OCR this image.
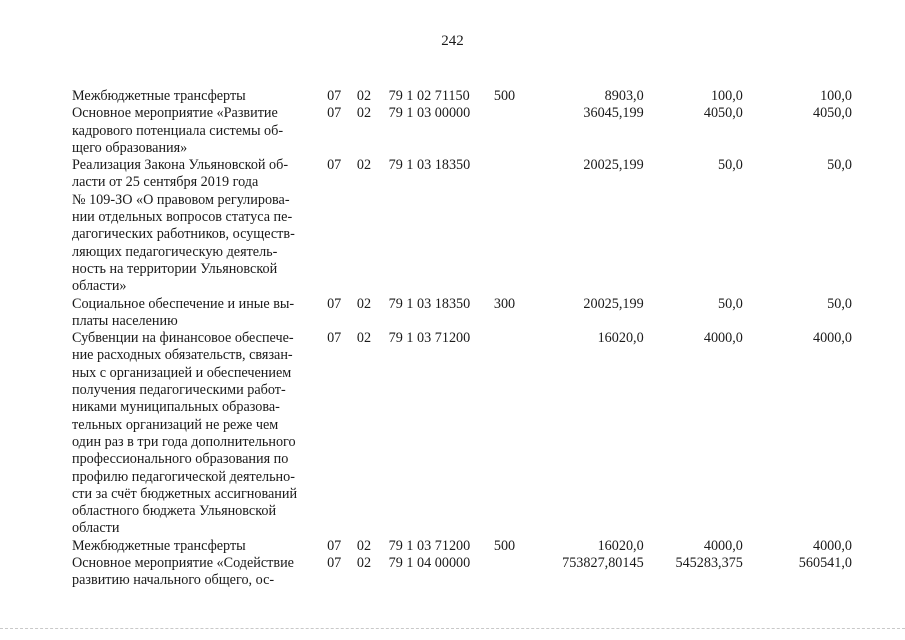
242
Межбюджетные трансферты	07	02	79 1 02 71150	500	8903,0	100,0	100,0
Основное мероприятие «Развитие
кадрового потенциала системы об-
щего образования»
07	02	79 1 03 00000	36045,199	4050,0	4050,0
Реализация Закона Ульяновской об-
ласти от 25 сентября 2019 года
№ 109-ЗО «О правовом регулирова-
нии отдельных вопросов статуса пе-
дагогических работников, осуществ-
ляющих педагогическую деятель-
ность на территории Ульяновской
области»
07	02	79 1 03 18350	20025,199	50,0	50,0
Социальное обеспечение и иные вы-
платы населению
07	02	79 1 03 18350	300	20025,199	50,0	50,0
Субвенции на финансовое обеспече-
ние расходных обязательств, связан-
ных с организацией и обеспечением
получения педагогическими работ-
никами муниципальных образова-
тельных организаций не реже чем
один раз в три года дополнительного
профессионального образования по
профилю педагогической деятельно-
сти за счёт бюджетных ассигнований
областного бюджета Ульяновской
области
07	02	79 1 03 71200	16020,0	4000,0	4000,0
Межбюджетные трансферты	07	02	79 1 03 71200	500	16020,0	4000,0	4000,0
Основное мероприятие «Содействие
развитию начального общего, ос-
07	02	79 1 04 00000	753827,80145	545283,375	560541,0
